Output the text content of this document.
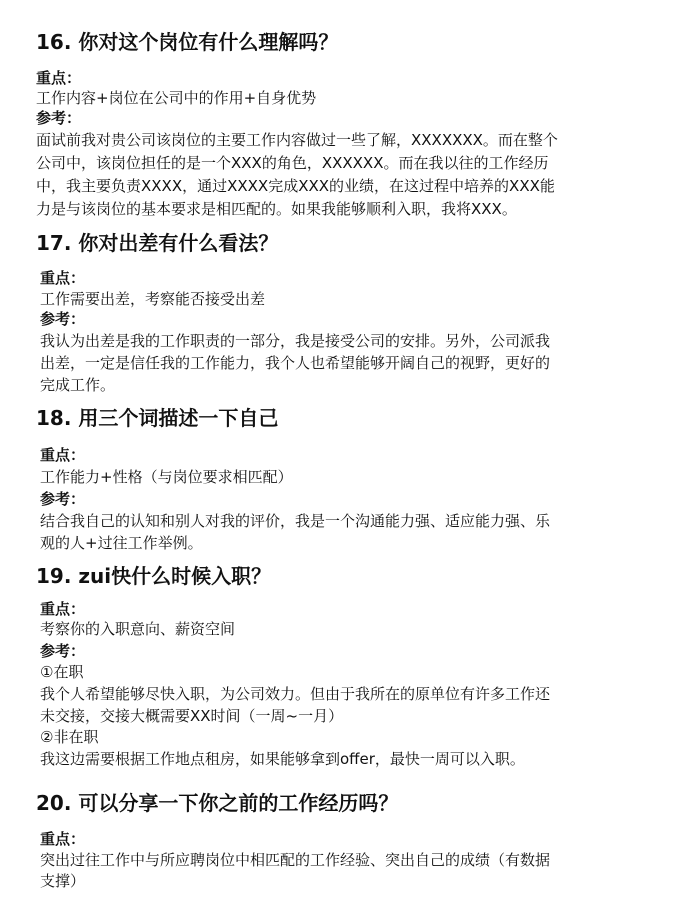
16. 你对这个岗位有什么理解吗？
重点：
工作内容+岗位在公司中的作用+自身优势
参考：
面试前我对贵公司该岗位的主要工作内容做过一些了解，XXXXXXX。而在整个
公司中，该岗位担任的是一个XXX的角色，XXXXXX。而在我以往的工作经历
中，我主要负责XXXX，通过XXXX完成XXX的业绩，在这过程中培养的XXX能
力是与该岗位的基本要求是相匹配的。如果我能够顺利入职，我将XXX。
17. 你对出差有什么看法？
重点：
工作需要出差，考察能否接受出差
参考：
我认为出差是我的工作职责的一部分，我是接受公司的安排。另外，公司派我
出差，一定是信任我的工作能力，我个人也希望能够开阔自己的视野，更好的
完成工作。
18. 用三个词描述一下自己
重点：
工作能力+性格（与岗位要求相匹配）
参考：
结合我自己的认知和别人对我的评价，我是一个沟通能力强、适应能力强、乐
观的人+过往工作举例。
19. zui快什么时候入职？
重点：
考察你的入职意向、薪资空间
参考：
①在职
我个人希望能够尽快入职，为公司效力。但由于我所在的原单位有许多工作还
未交接，交接大概需要XX时间（一周~一月）
②非在职
我这边需要根据工作地点租房，如果能够拿到offer，最快一周可以入职。
20. 可以分享一下你之前的工作经历吗？
重点：
突出过往工作中与所应聘岗位中相匹配的工作经验、突出自己的成绩（有数据
支撑）
